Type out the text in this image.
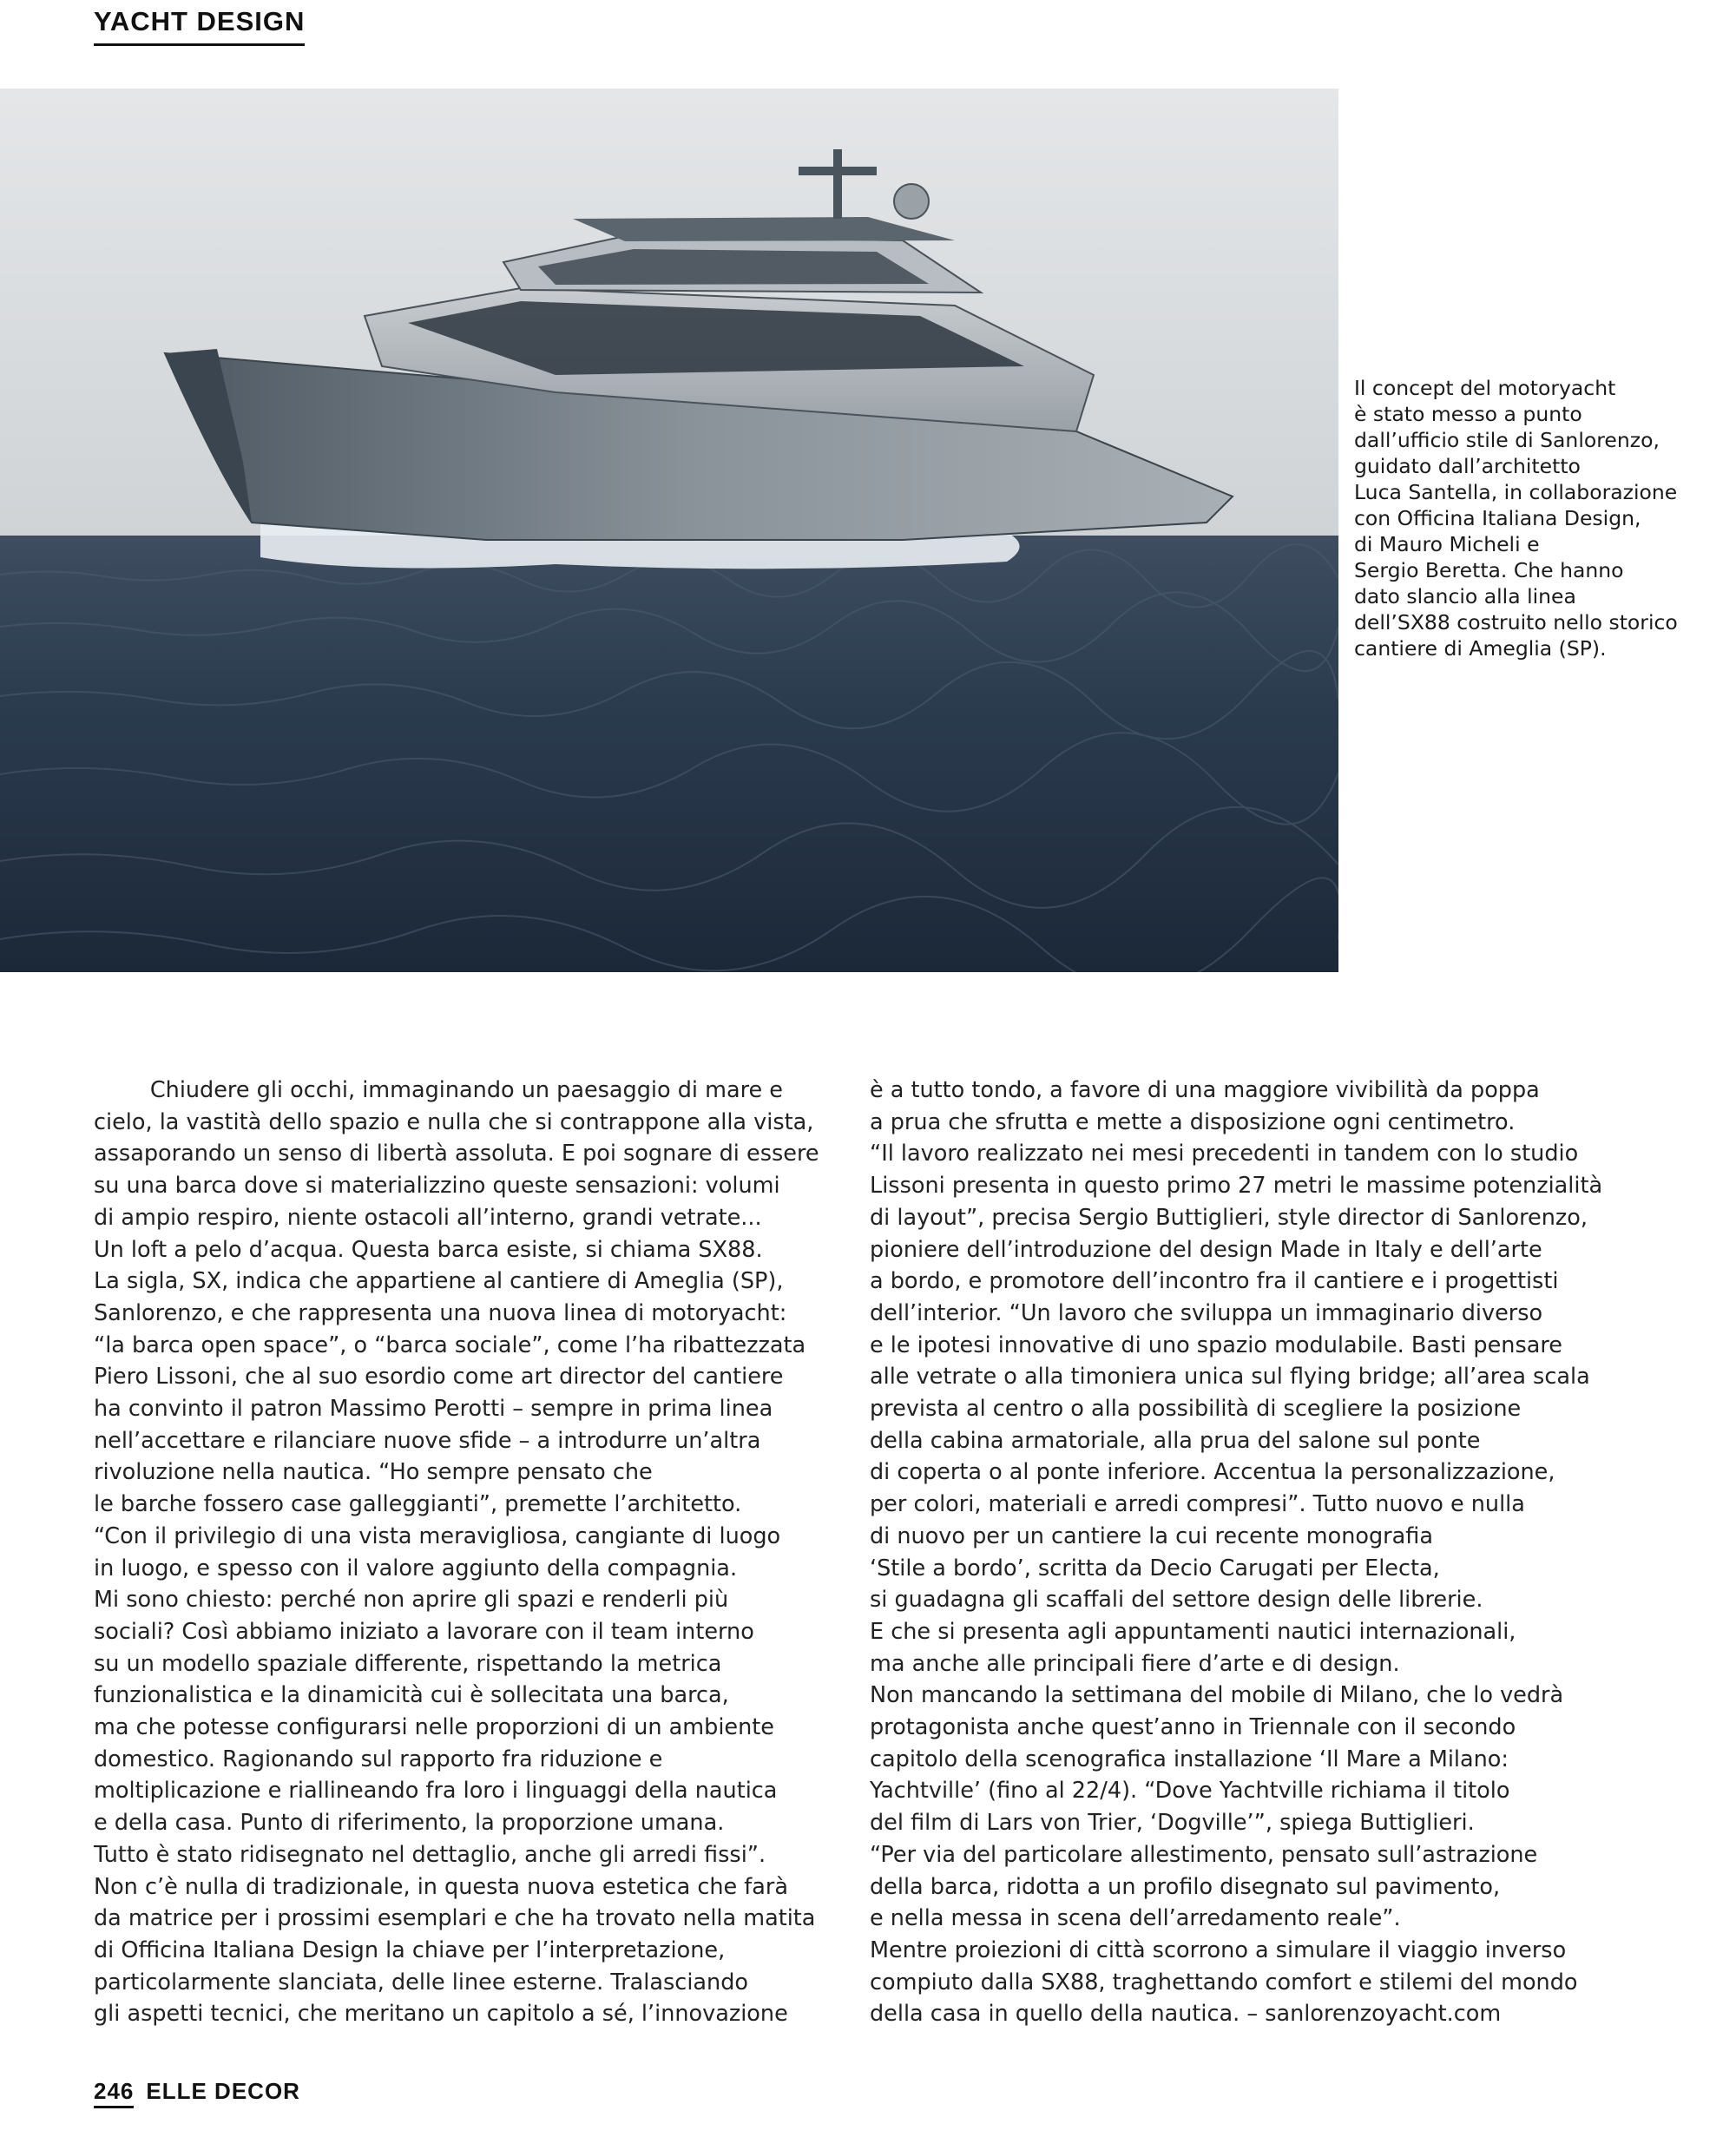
YACHT DESIGN

Il concept del motoryacht

è stato messo a punto

dall’ufficio stile di Sanlorenzo,

guidato dall’architetto

Luca Santella, in collaborazione

con Officina Italiana Design,

di Mauro Micheli e

Sergio Beretta. Che hanno

dato slancio alla linea

dell’SX88 costruito nello storico

cantiere di Ameglia (SP).

Chiudere gli occhi, immaginando un paesaggio di mare e

cielo, la vastità dello spazio e nulla che si contrappone alla vista,

assaporando un senso di libertà assoluta. E poi sognare di essere

su una barca dove si materializzino queste sensazioni: volumi

di ampio respiro, niente ostacoli all’interno, grandi vetrate...

Un loft a pelo d’acqua. Questa barca esiste, si chiama SX88.

La sigla, SX, indica che appartiene al cantiere di Ameglia (SP),

Sanlorenzo, e che rappresenta una nuova linea di motoryacht:

“la barca open space”, o “barca sociale”, come l’ha ribattezzata

Piero Lissoni, che al suo esordio come art director del cantiere

ha convinto il patron Massimo Perotti – sempre in prima linea

nell’accettare e rilanciare nuove sfide – a introdurre un’altra

rivoluzione nella nautica. “Ho sempre pensato che

le barche fossero case galleggianti”, premette l’architetto.

“Con il privilegio di una vista meravigliosa, cangiante di luogo

in luogo, e spesso con il valore aggiunto della compagnia.

Mi sono chiesto: perché non aprire gli spazi e renderli più

sociali? Così abbiamo iniziato a lavorare con il team interno

su un modello spaziale differente, rispettando la metrica

funzionalistica e la dinamicità cui è sollecitata una barca,

ma che potesse configurarsi nelle proporzioni di un ambiente

domestico. Ragionando sul rapporto fra riduzione e

moltiplicazione e riallineando fra loro i linguaggi della nautica

e della casa. Punto di riferimento, la proporzione umana.

Tutto è stato ridisegnato nel dettaglio, anche gli arredi fissi”.

Non c’è nulla di tradizionale, in questa nuova estetica che farà

da matrice per i prossimi esemplari e che ha trovato nella matita

di Officina Italiana Design la chiave per l’interpretazione,

particolarmente slanciata, delle linee esterne. Tralasciando

gli aspetti tecnici, che meritano un capitolo a sé, l’innovazione

è a tutto tondo, a favore di una maggiore vivibilità da poppa

a prua che sfrutta e mette a disposizione ogni centimetro.

“Il lavoro realizzato nei mesi precedenti in tandem con lo studio

Lissoni presenta in questo primo 27 metri le massime potenzialità

di layout”, precisa Sergio Buttiglieri, style director di Sanlorenzo,

pioniere dell’introduzione del design Made in Italy e dell’arte

a bordo, e promotore dell’incontro fra il cantiere e i progettisti

dell’interior. “Un lavoro che sviluppa un immaginario diverso

e le ipotesi innovative di uno spazio modulabile. Basti pensare

alle vetrate o alla timoniera unica sul flying bridge; all’area scala

prevista al centro o alla possibilità di scegliere la posizione

della cabina armatoriale, alla prua del salone sul ponte

di coperta o al ponte inferiore. Accentua la personalizzazione,

per colori, materiali e arredi compresi”. Tutto nuovo e nulla

di nuovo per un cantiere la cui recente monografia

‘Stile a bordo’, scritta da Decio Carugati per Electa,

si guadagna gli scaffali del settore design delle librerie.

E che si presenta agli appuntamenti nautici internazionali,

ma anche alle principali fiere d’arte e di design.

Non mancando la settimana del mobile di Milano, che lo vedrà

protagonista anche quest’anno in Triennale con il secondo

capitolo della scenografica installazione ‘Il Mare a Milano:

Yachtville’ (fino al 22/4). “Dove Yachtville richiama il titolo

del film di Lars von Trier, ‘Dogville’”, spiega Buttiglieri.

“Per via del particolare allestimento, pensato sull’astrazione

della barca, ridotta a un profilo disegnato sul pavimento,

e nella messa in scena dell’arredamento reale”.

Mentre proiezioni di città scorrono a simulare il viaggio inverso

compiuto dalla SX88, traghettando comfort e stilemi del mondo

della casa in quello della nautica. – sanlorenzoyacht.com

246 ELLE DECOR
